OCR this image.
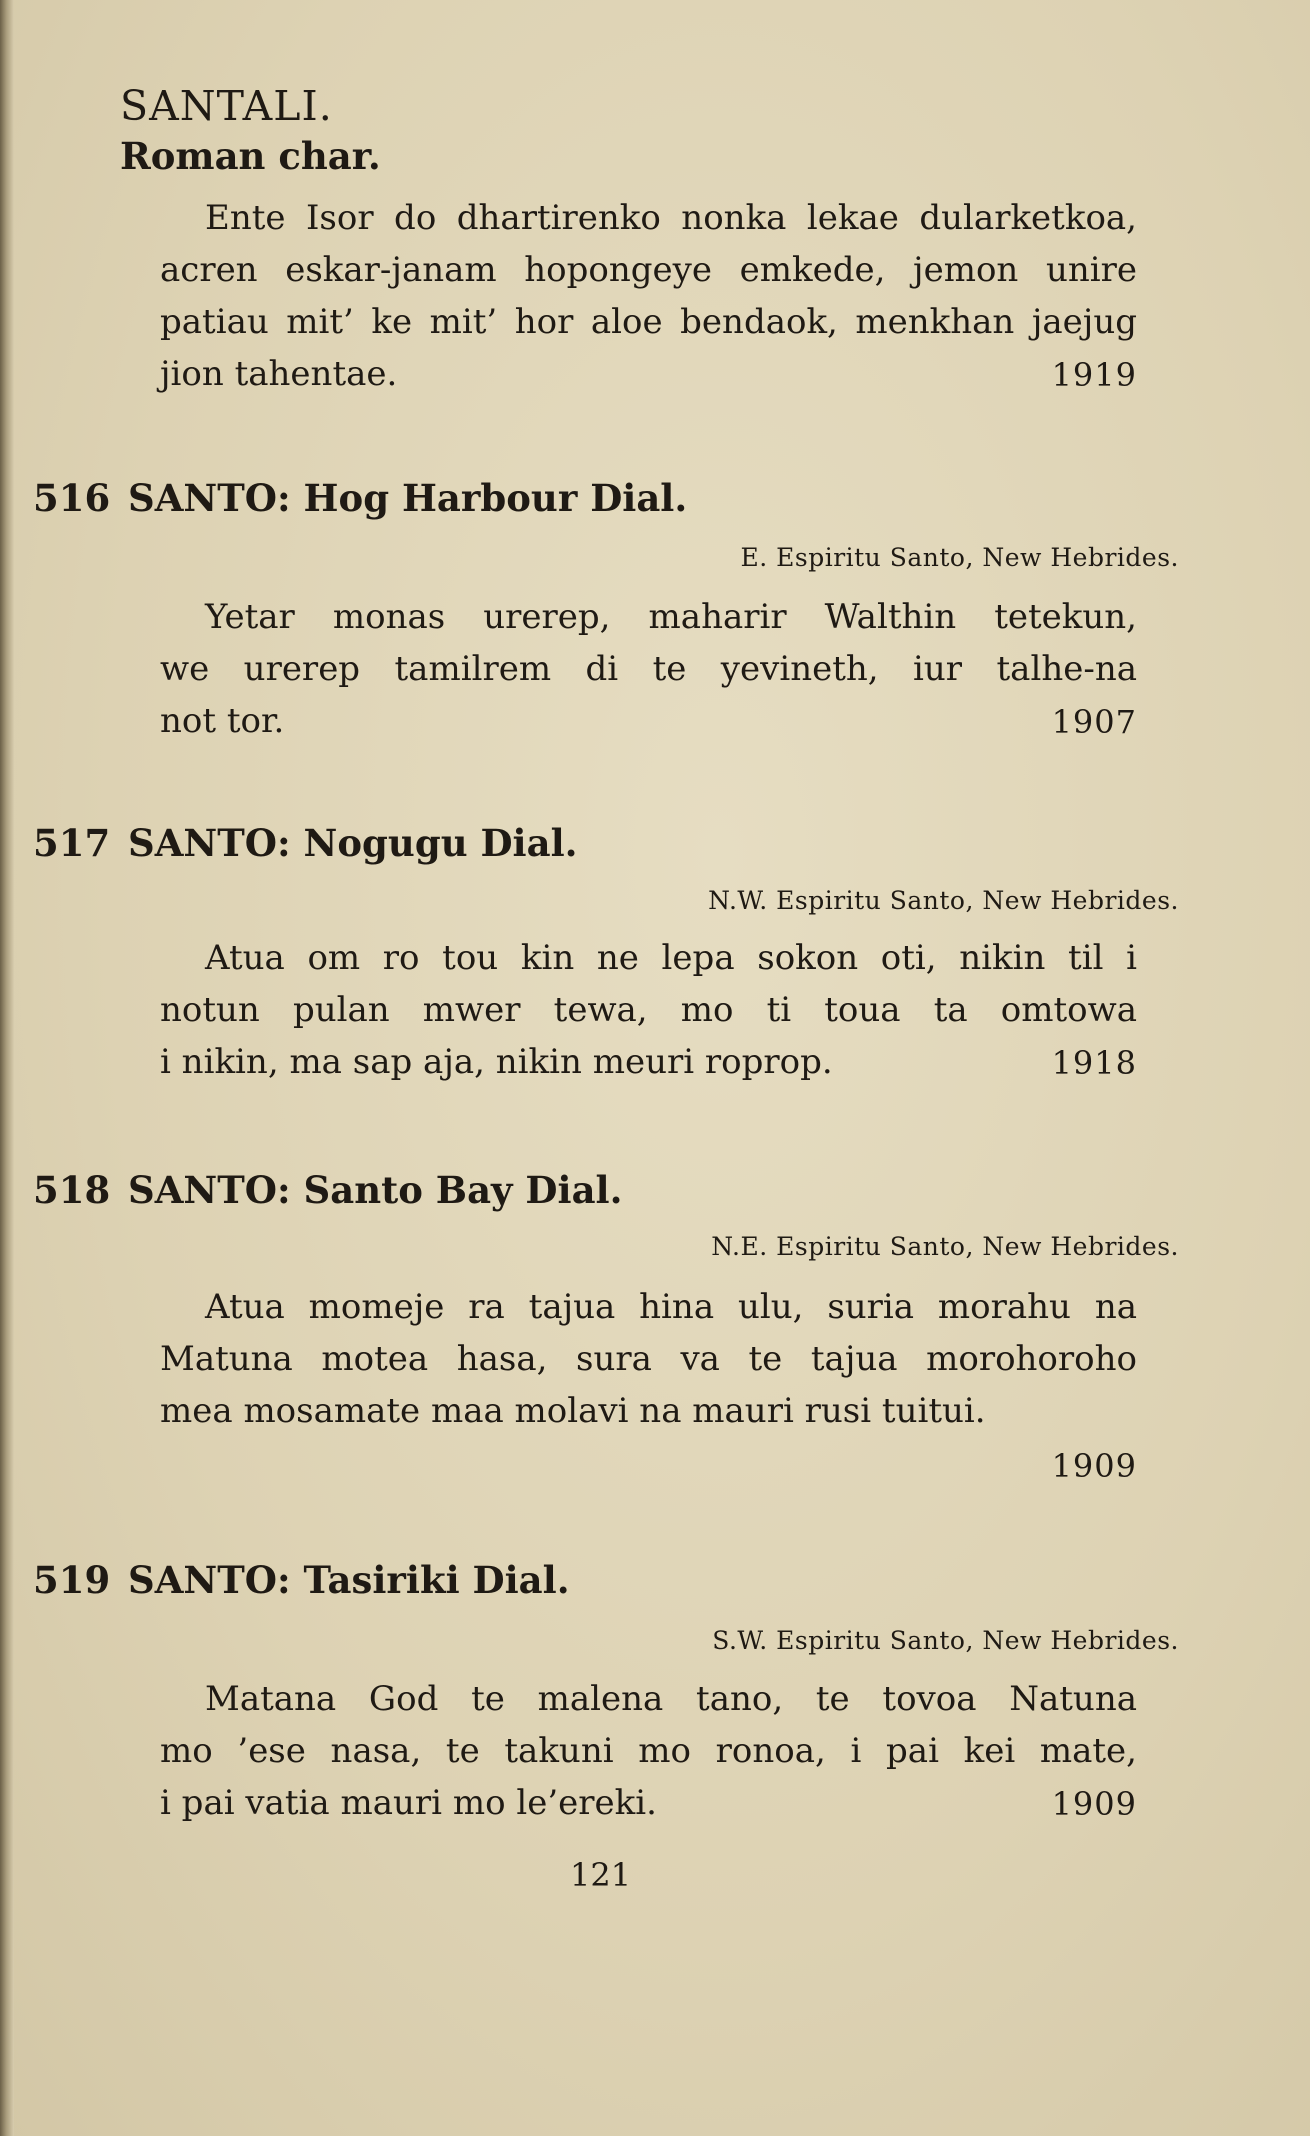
SANTALI.
Roman char.
Ente Isor do dhartirenko nonka lekae dularketkoa,
acren eskar-janam hopongeye emkede, jemon unire
patiau mit’ ke mit’ hor aloe bendaok, menkhan jaejug
jion tahentae.	1919
516 SANTO: Hog Harbour Dial.
E. Espiritu Santo, New Hebrides.
Yetar monas urerep, maharir Walthin tetekun,
we urerep tamilrem di te yevineth, iur talhe-na
not tor.	1907
517 SANTO: Nogugu Dial.
N.W. Espiritu Santo, New Hebrides.
Atua om ro tou kin ne lepa sokon oti, nikin til i
notun pulan mwer tewa, mo ti toua ta omtowa
i nikin, ma sap aja, nikin meuri roprop.	1918
518 SANTO: Santo Bay Dial.
N.E. Espiritu Santo, New Hebrides.
Atua momeje ra tajua hina ulu, suria morahu na
Matuna motea hasa, sura va te tajua morohoroho
mea mosamate maa molavi na mauri rusi tuitui.
1909
519 SANTO: Tasiriki Dial.
S.W. Espiritu Santo, New Hebrides.
Matana God te malena tano, te tovoa Natuna
mo ’ese nasa, te takuni mo ronoa, i pai kei mate,
i pai vatia mauri mo le’ereki.	1909
121
